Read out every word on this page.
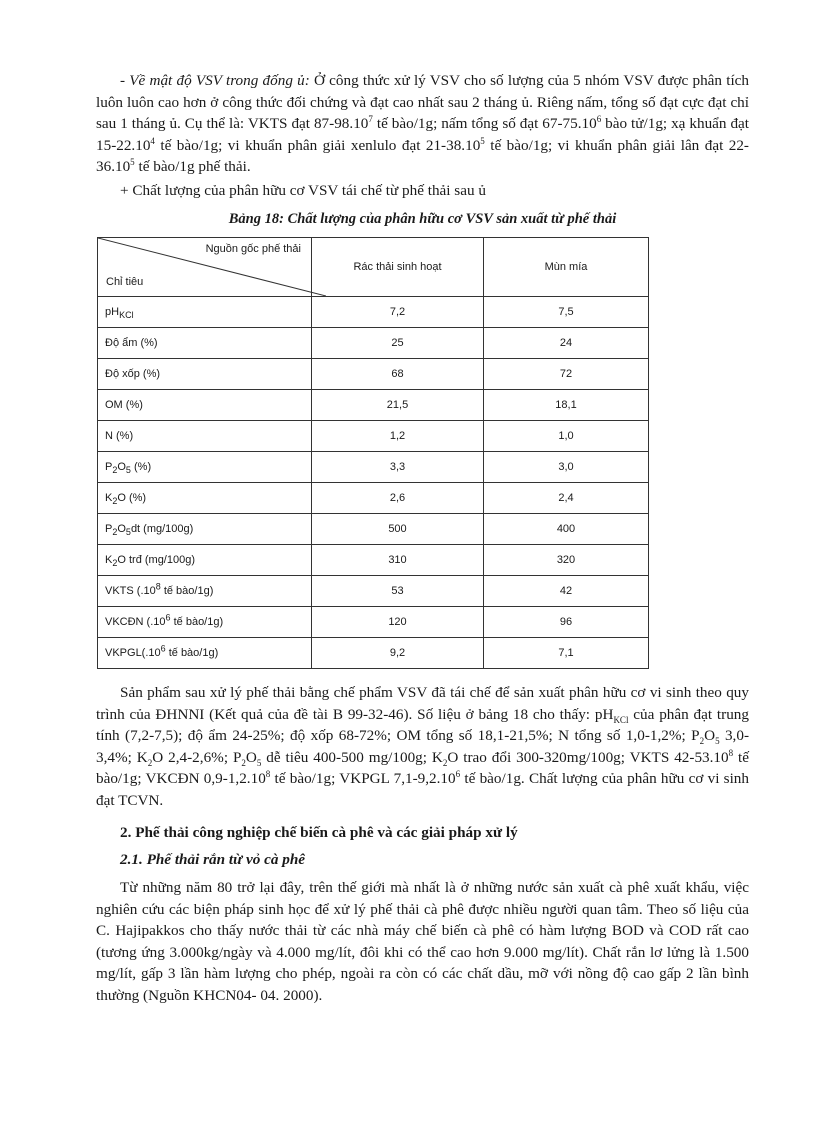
- Về mật độ VSV trong đống ủ: Ở công thức xử lý VSV cho số lượng của 5 nhóm VSV được phân tích luôn luôn cao hơn ở công thức đối chứng và đạt cao nhất sau 2 tháng ủ. Riêng nấm, tổng số đạt cực đạt chỉ sau 1 tháng ủ. Cụ thể là: VKTS đạt 87-98.10$^7$ tế bào/1g; nấm tổng số đạt 67-75.10$^6$ bào tử/1g; xạ khuẩn đạt 15-22.10$^4$ tế bào/1g; vi khuẩn phân giải xenlulo đạt 21-38.10$^5$ tế bào/1g; vi khuẩn phân giải lân đạt 22-36.10$^5$ tế bào/1g phế thải.

+ Chất lượng của phân hữu cơ VSV tái chế từ phế thải sau ủ

Bảng 18: Chất lượng của phân hữu cơ VSV sản xuất từ phế thải
Nguồn gốc phế thải
Chỉ tiêu	Rác thải sinh hoạt	Mùn mía
$pH_{KCl}$	7,2	7,5
Độ ẩm (%)	25	24
Độ xốp (%)	68	72
OM (%)	21,5	18,1
N (%)	1,2	1,0
$P_2O_5$ (%)	3,3	3,0
$K_2O$ (%)	2,6	2,4
$P_2O_5dt$ (mg/100g)	500	400
$K_2O$ trđ (mg/100g)	310	320
VKTS ($.10^8$ tế bào/1g)	53	42
VKCĐN ($.10^6$ tế bào/1g)	120	96
$VKPGL(.10^6$ tế bào/1g)	9,2	7,1

Sản phẩm sau xử lý phế thải bằng chế phẩm VSV đã tái chế để sản xuất phân hữu cơ vi sinh theo quy trình của ĐHNNI (Kết quả của đề tài B 99-32-46). Số liệu ở bảng 18 cho thấy: $pH_{KCl}$ của phân đạt trung tính (7,2-7,5); độ ẩm 24-25%; độ xốp 68-72%; OM tổng số 18,1-21,5%; N tổng số 1,0-1,2%; $P_2O_5$ 3,0-3,4%; $K_2O$ 2,4-2,6%; $P_2O_5$ dễ tiêu 400-500 mg/100g; $K_2O$ trao đổi 300-320mg/100g; VKTS 42-53.10$^8$ tế bào/1g; VKCĐN 0,9-1,2.10$^8$ tế bào/1g; VKPGL 7,1-9,2.10$^6$ tế bào/1g. Chất lượng của phân hữu cơ vi sinh đạt TCVN.

2. Phế thải công nghiệp chế biến cà phê và các giải pháp xử lý

2.1. Phế thải rắn từ vỏ cà phê

Từ những năm 80 trở lại đây, trên thế giới mà nhất là ở những nước sản xuất cà phê xuất khẩu, việc nghiên cứu các biện pháp sinh học để xử lý phế thải cà phê được nhiều người quan tâm. Theo số liệu của C. Hajipakkos cho thấy nước thải từ các nhà máy chế biến cà phê có hàm lượng BOD và COD rất cao (tương ứng 3.000kg/ngày và 4.000 mg/lít, đôi khi có thể cao hơn 9.000 mg/lít). Chất rắn lơ lửng là 1.500 mg/lít, gấp 3 lần hàm lượng cho phép, ngoài ra còn có các chất dầu, mỡ với nồng độ cao gấp 2 lần bình thường (Nguồn KHCN04- 04. 2000).
